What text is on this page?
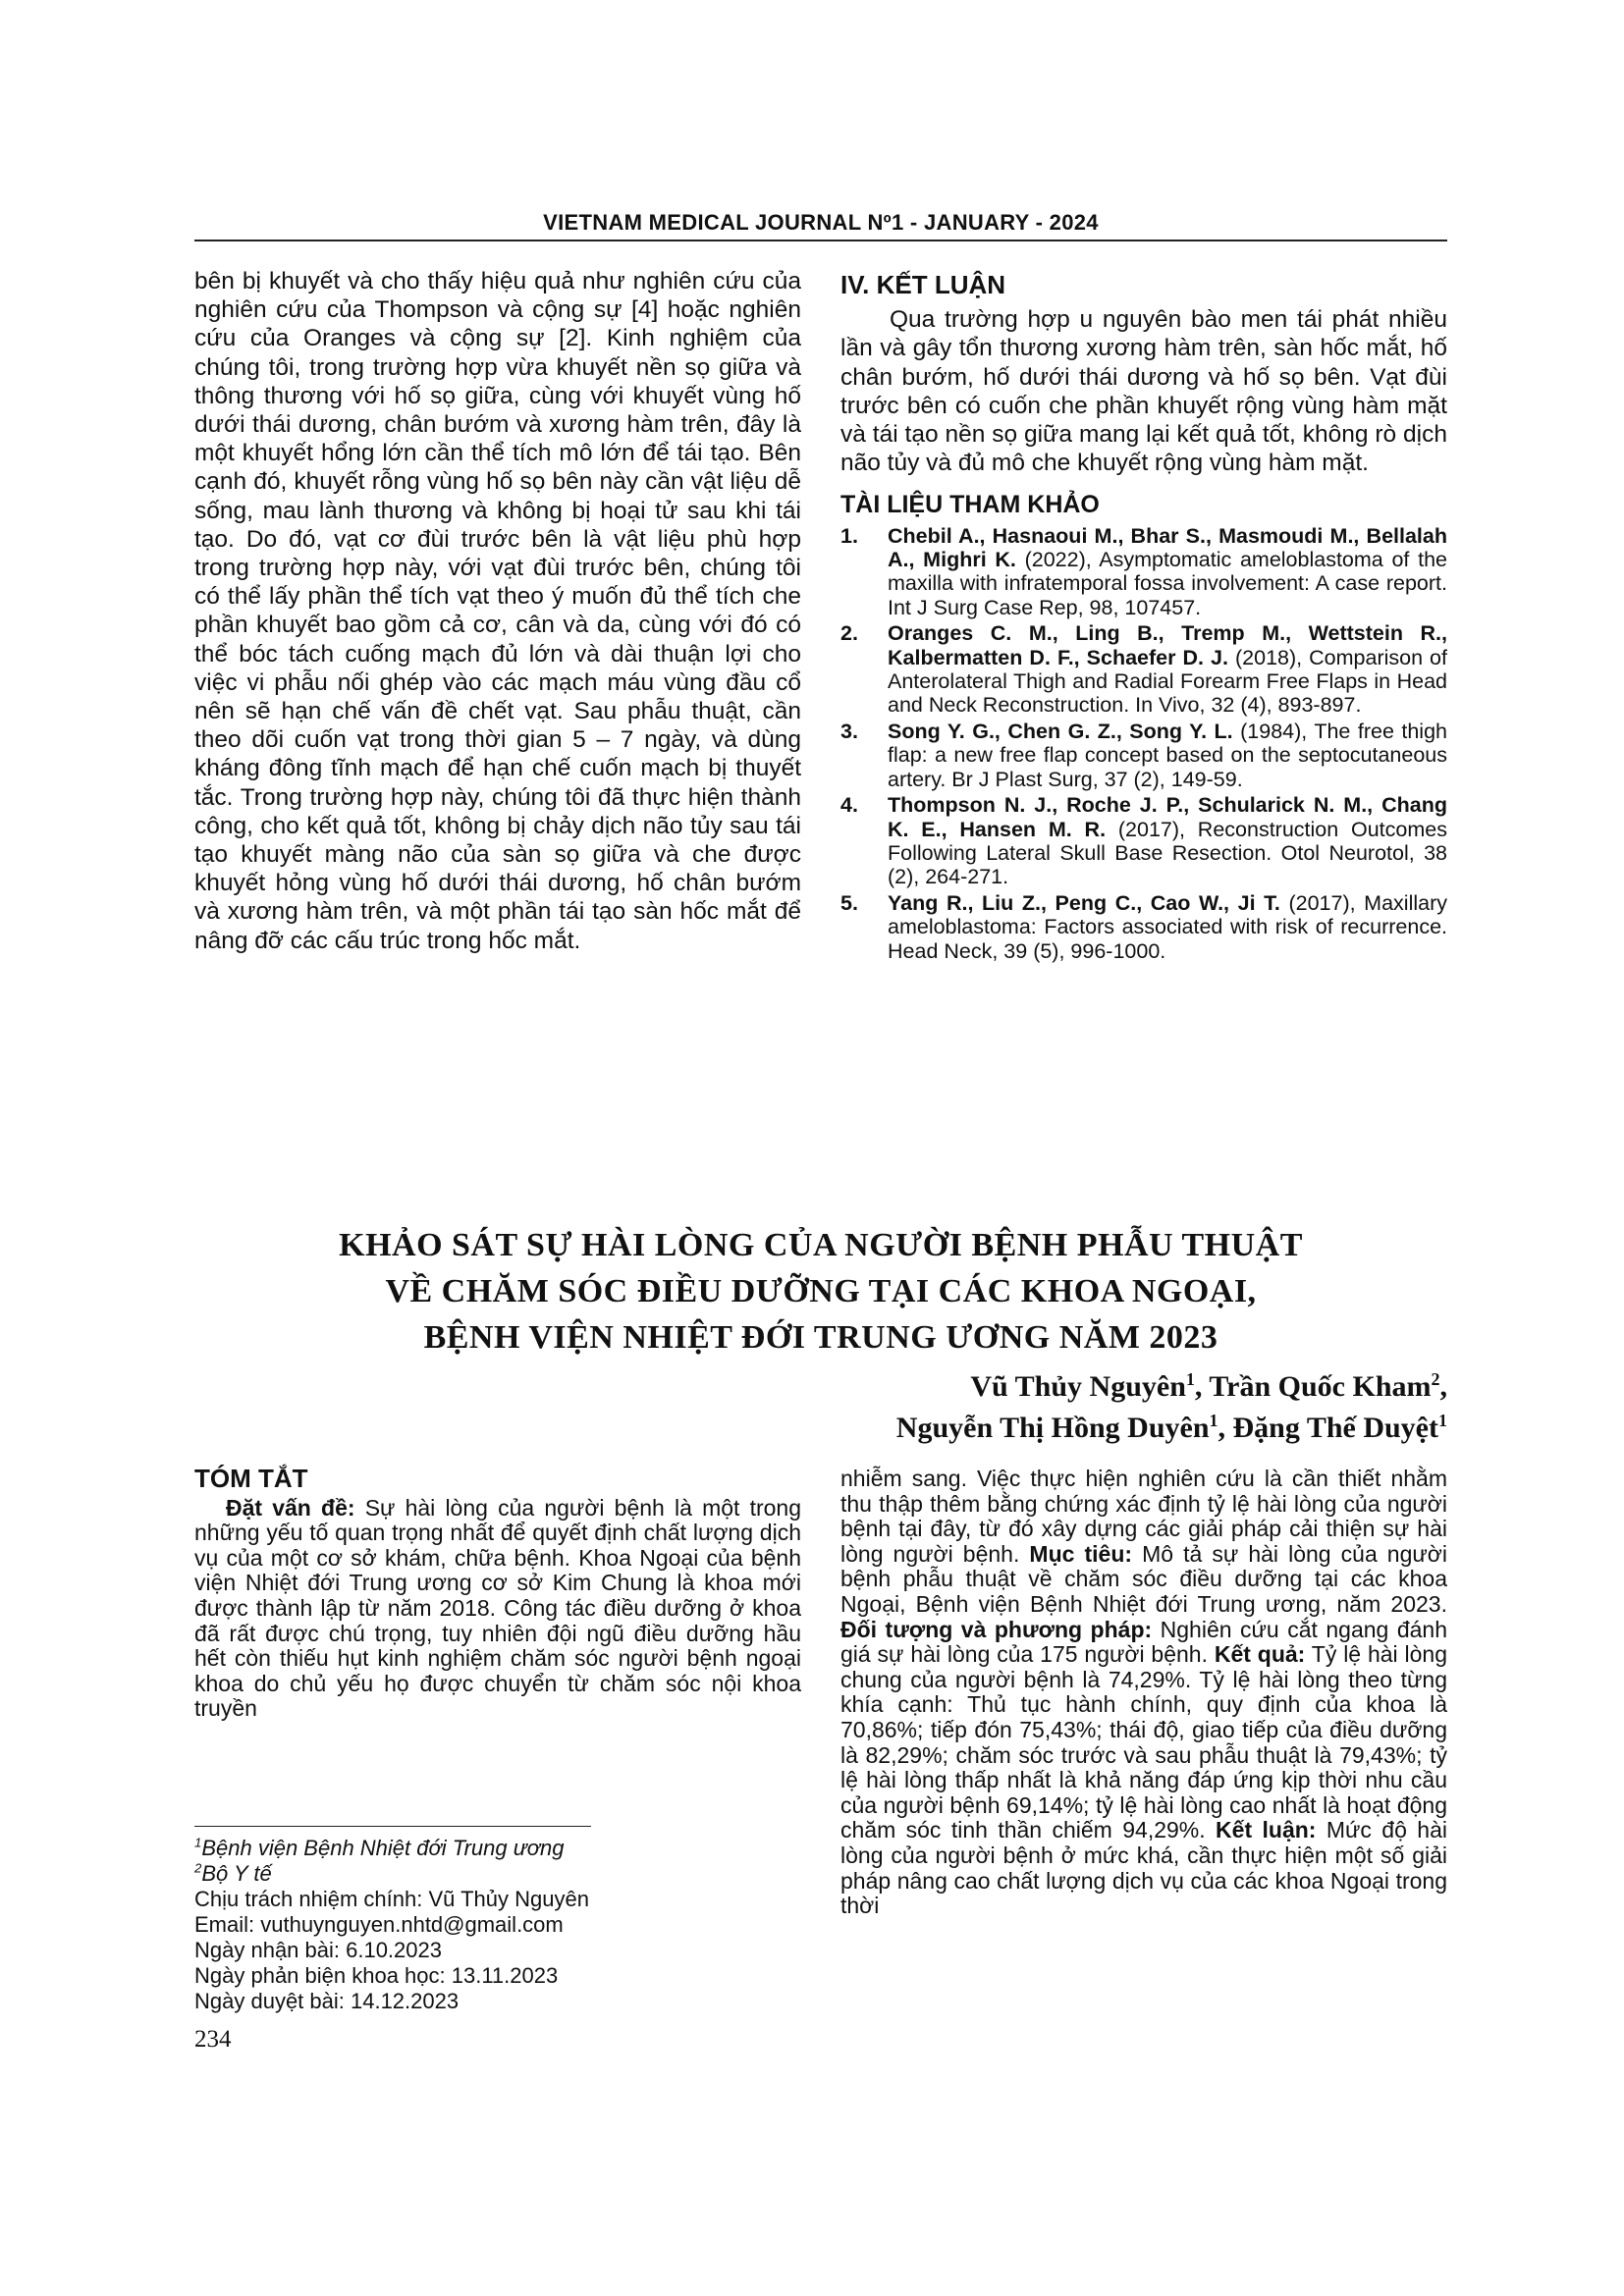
VIETNAM MEDICAL JOURNAL Nº1 - JANUARY - 2024

bên bị khuyết và cho thấy hiệu quả như nghiên cứu của nghiên cứu của Thompson và cộng sự [4] hoặc nghiên cứu của Oranges và cộng sự [2]. Kinh nghiệm của chúng tôi, trong trường hợp vừa khuyết nền sọ giữa và thông thương với hố sọ giữa, cùng với khuyết vùng hố dưới thái dương, chân bướm và xương hàm trên, đây là một khuyết hổng lớn cần thể tích mô lớn để tái tạo. Bên cạnh đó, khuyết rỗng vùng hố sọ bên này cần vật liệu dễ sống, mau lành thương và không bị hoại tử sau khi tái tạo. Do đó, vạt cơ đùi trước bên là vật liệu phù hợp trong trường hợp này, với vạt đùi trước bên, chúng tôi có thể lấy phần thể tích vạt theo ý muốn đủ thể tích che phần khuyết bao gồm cả cơ, cân và da, cùng với đó có thể bóc tách cuống mạch đủ lớn và dài thuận lợi cho việc vi phẫu nối ghép vào các mạch máu vùng đầu cổ nên sẽ hạn chế vấn đề chết vạt. Sau phẫu thuật, cần theo dõi cuốn vạt trong thời gian 5 – 7 ngày, và dùng kháng đông tĩnh mạch để hạn chế cuốn mạch bị thuyết tắc. Trong trường hợp này, chúng tôi đã thực hiện thành công, cho kết quả tốt, không bị chảy dịch não tủy sau tái tạo khuyết màng não của sàn sọ giữa và che được khuyết hỏng vùng hố dưới thái dương, hố chân bướm và xương hàm trên, và một phần tái tạo sàn hốc mắt để nâng đỡ các cấu trúc trong hốc mắt.

IV. KẾT LUẬN

Qua trường hợp u nguyên bào men tái phát nhiều lần và gây tổn thương xương hàm trên, sàn hốc mắt, hố chân bướm, hố dưới thái dương và hố sọ bên. Vạt đùi trước bên có cuốn che phần khuyết rộng vùng hàm mặt và tái tạo nền sọ giữa mang lại kết quả tốt, không rò dịch não tủy và đủ mô che khuyết rộng vùng hàm mặt.

TÀI LIỆU THAM KHẢO
1. Chebil A., Hasnaoui M., Bhar S., Masmoudi M., Bellalah A., Mighri K. (2022), Asymptomatic ameloblastoma of the maxilla with infratemporal fossa involvement: A case report. Int J Surg Case Rep, 98, 107457.
2. Oranges C. M., Ling B., Tremp M., Wettstein R., Kalbermatten D. F., Schaefer D. J. (2018), Comparison of Anterolateral Thigh and Radial Forearm Free Flaps in Head and Neck Reconstruction. In Vivo, 32 (4), 893-897.
3. Song Y. G., Chen G. Z., Song Y. L. (1984), The free thigh flap: a new free flap concept based on the septocutaneous artery. Br J Plast Surg, 37 (2), 149-59.
4. Thompson N. J., Roche J. P., Schularick N. M., Chang K. E., Hansen M. R. (2017), Reconstruction Outcomes Following Lateral Skull Base Resection. Otol Neurotol, 38 (2), 264-271.
5. Yang R., Liu Z., Peng C., Cao W., Ji T. (2017), Maxillary ameloblastoma: Factors associated with risk of recurrence. Head Neck, 39 (5), 996-1000.
KHẢO SÁT SỰ HÀI LÒNG CỦA NGƯỜI BỆNH PHẪU THUẬT
VỀ CHĂM SÓC ĐIỀU DƯỠNG TẠI CÁC KHOA NGOẠI,
BỆNH VIỆN NHIỆT ĐỚI TRUNG ƯƠNG NĂM 2023
Vũ Thủy Nguyên$^1$, Trần Quốc Kham$^2$,
Nguyễn Thị Hồng Duyên$^1$, Đặng Thế Duyệt$^1$
TÓM TẮT

Đặt vấn đề: Sự hài lòng của người bệnh là một trong những yếu tố quan trọng nhất để quyết định chất lượng dịch vụ của một cơ sở khám, chữa bệnh. Khoa Ngoại của bệnh viện Nhiệt đới Trung ương cơ sở Kim Chung là khoa mới được thành lập từ năm 2018. Công tác điều dưỡng ở khoa đã rất được chú trọng, tuy nhiên đội ngũ điều dưỡng hầu hết còn thiếu hụt kinh nghiệm chăm sóc người bệnh ngoại khoa do chủ yếu họ được chuyển từ chăm sóc nội khoa truyền

nhiễm sang. Việc thực hiện nghiên cứu là cần thiết nhằm thu thập thêm bằng chứng xác định tỷ lệ hài lòng của người bệnh tại đây, từ đó xây dựng các giải pháp cải thiện sự hài lòng người bệnh. Mục tiêu: Mô tả sự hài lòng của người bệnh phẫu thuật về chăm sóc điều dưỡng tại các khoa Ngoại, Bệnh viện Bệnh Nhiệt đới Trung ương, năm 2023. Đối tượng và phương pháp: Nghiên cứu cắt ngang đánh giá sự hài lòng của 175 người bệnh. Kết quả: Tỷ lệ hài lòng chung của người bệnh là 74,29%. Tỷ lệ hài lòng theo từng khía cạnh: Thủ tục hành chính, quy định của khoa là 70,86%; tiếp đón 75,43%; thái độ, giao tiếp của điều dưỡng là 82,29%; chăm sóc trước và sau phẫu thuật là 79,43%; tỷ lệ hài lòng thấp nhất là khả năng đáp ứng kịp thời nhu cầu của người bệnh 69,14%; tỷ lệ hài lòng cao nhất là hoạt động chăm sóc tinh thần chiếm 94,29%. Kết luận: Mức độ hài lòng của người bệnh ở mức khá, cần thực hiện một số giải pháp nâng cao chất lượng dịch vụ của các khoa Ngoại trong thời

$^1$Bệnh viện Bệnh Nhiệt đới Trung ương
$^2$Bộ Y tế
Chịu trách nhiệm chính: Vũ Thủy Nguyên
Email: vuthuynguyen.nhtd@gmail.com
Ngày nhận bài: 6.10.2023
Ngày phản biện khoa học: 13.11.2023
Ngày duyệt bài: 14.12.2023
234
